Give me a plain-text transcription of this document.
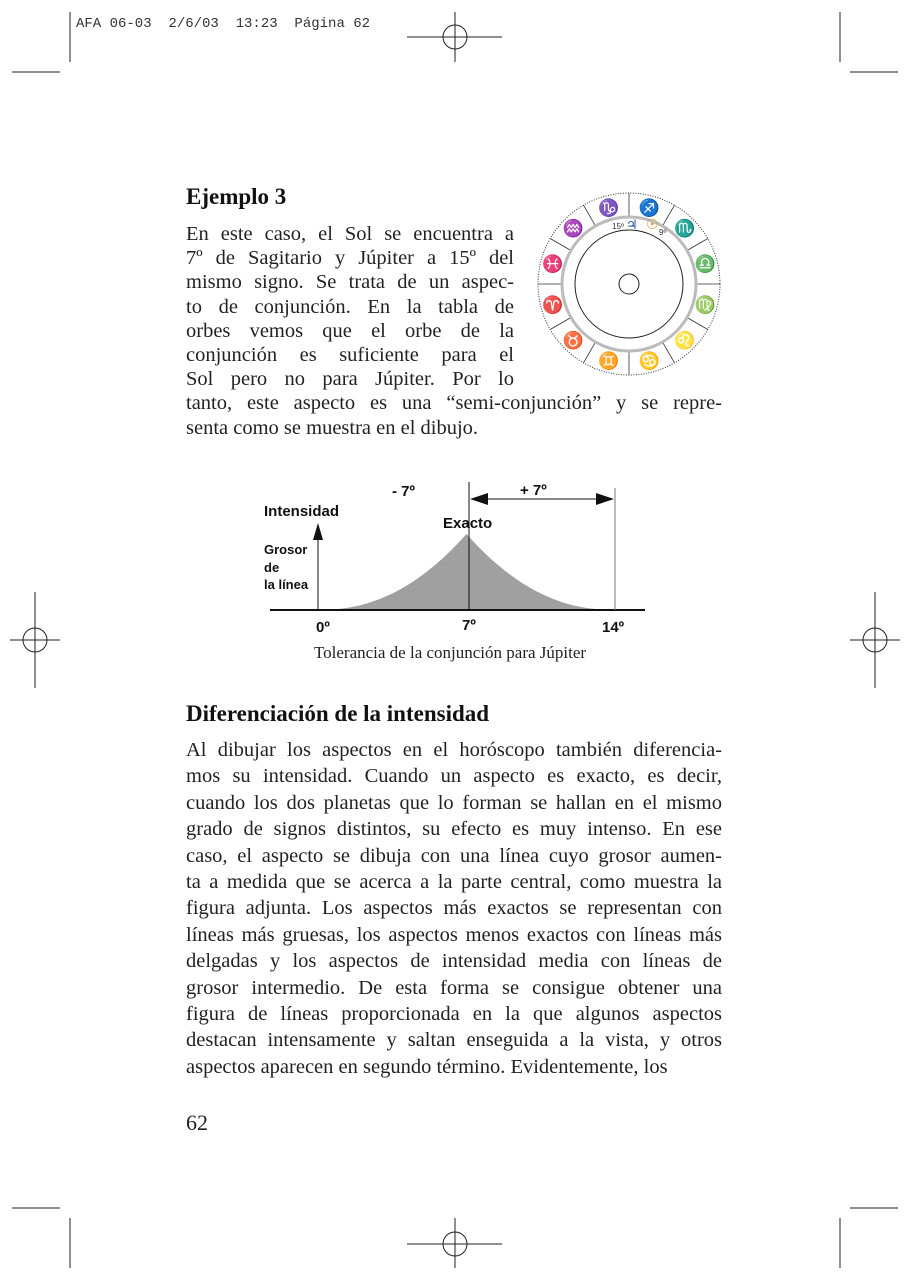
AFA 06-03  2/6/03  13:23  Página 62
Ejemplo 3
En este caso, el Sol se encuentra a
7º de Sagitario y Júpiter a 15º del
mismo signo. Se trata de un aspec-
to de conjunción. En la tabla de
orbes vemos que el orbe de la
conjunción es suficiente para el
Sol pero no para Júpiter. Por lo
tanto, este aspecto es una “semi-conjunción” y se repre-
senta como se muestra en el dibujo.
♐
♏
♎
♍
♌
♋
♊
♉
♈
♓
♒
♑
♃ ☉
15º
9º
- 7º	+ 7º
Intensidad
Exacto
Grosor
de
la línea
0º	7º	14º
Tolerancia de la conjunción para Júpiter
Diferenciación de la intensidad
Al dibujar los aspectos en el horóscopo también diferencia-
mos su intensidad. Cuando un aspecto es exacto, es decir,
cuando los dos planetas que lo forman se hallan en el mismo
grado de signos distintos, su efecto es muy intenso. En ese
caso, el aspecto se dibuja con una línea cuyo grosor aumen-
ta a medida que se acerca a la parte central, como muestra la
figura adjunta. Los aspectos más exactos se representan con
líneas más gruesas, los aspectos menos exactos con líneas más
delgadas y los aspectos de intensidad media con líneas de
grosor intermedio. De esta forma se consigue obtener una
figura de líneas proporcionada en la que algunos aspectos
destacan intensamente y saltan enseguida a la vista, y otros
aspectos aparecen en segundo término. Evidentemente, los
62
